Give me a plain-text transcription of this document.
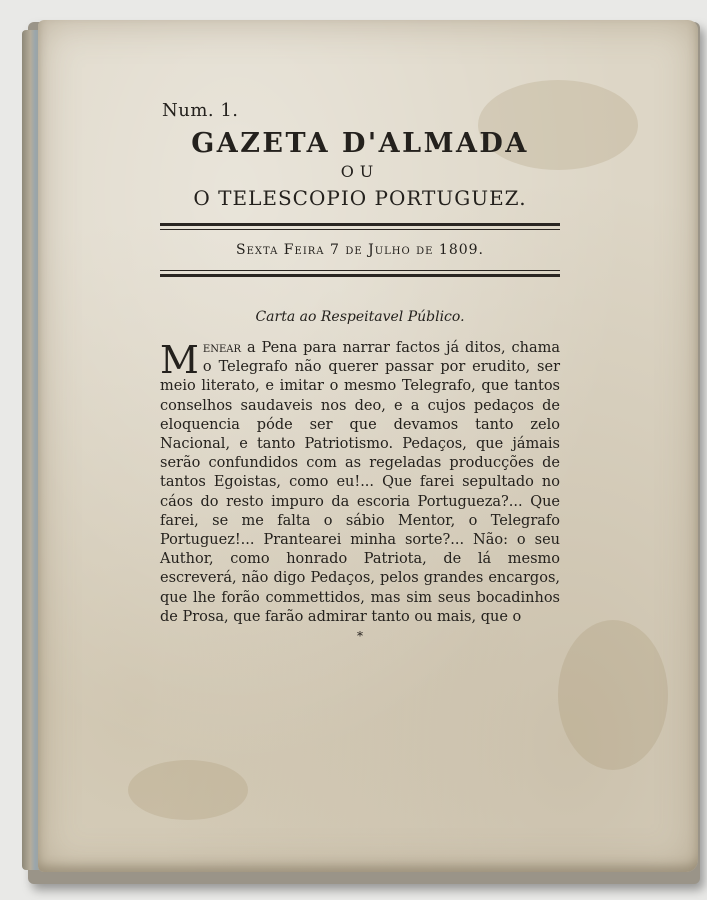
Num. 1.

GAZETA D'ALMADA

OU

O TELESCOPIO PORTUGUEZ.

Sexta Feira 7 de Julho de 1809.

Carta ao Respeitavel Público.

Menear a Pena para narrar factos já ditos, chama o Telegrafo não querer passar por erudito, ser meio literato, e imitar o mesmo Telegrafo, que tantos conselhos saudaveis nos deo, e a cujos pedaços de eloquencia póde ser que devamos tanto zelo Nacional, e tanto Patriotismo. Pedaços, que jámais serão confundidos com as regeladas producções de tantos Egoistas, como eu!... Que farei sepultado no cáos do resto impuro da escoria Portugueza?... Que farei, se me falta o sábio Mentor, o Telegrafo Portuguez!... Prantearei minha sorte?... Não: o seu Author, como honrado Patriota, de lá mesmo escreverá, não digo Pedaços, pelos grandes encargos, que lhe forão commettidos, mas sim seus bocadinhos de Prosa, que farão admirar tanto ou mais, que o

*
